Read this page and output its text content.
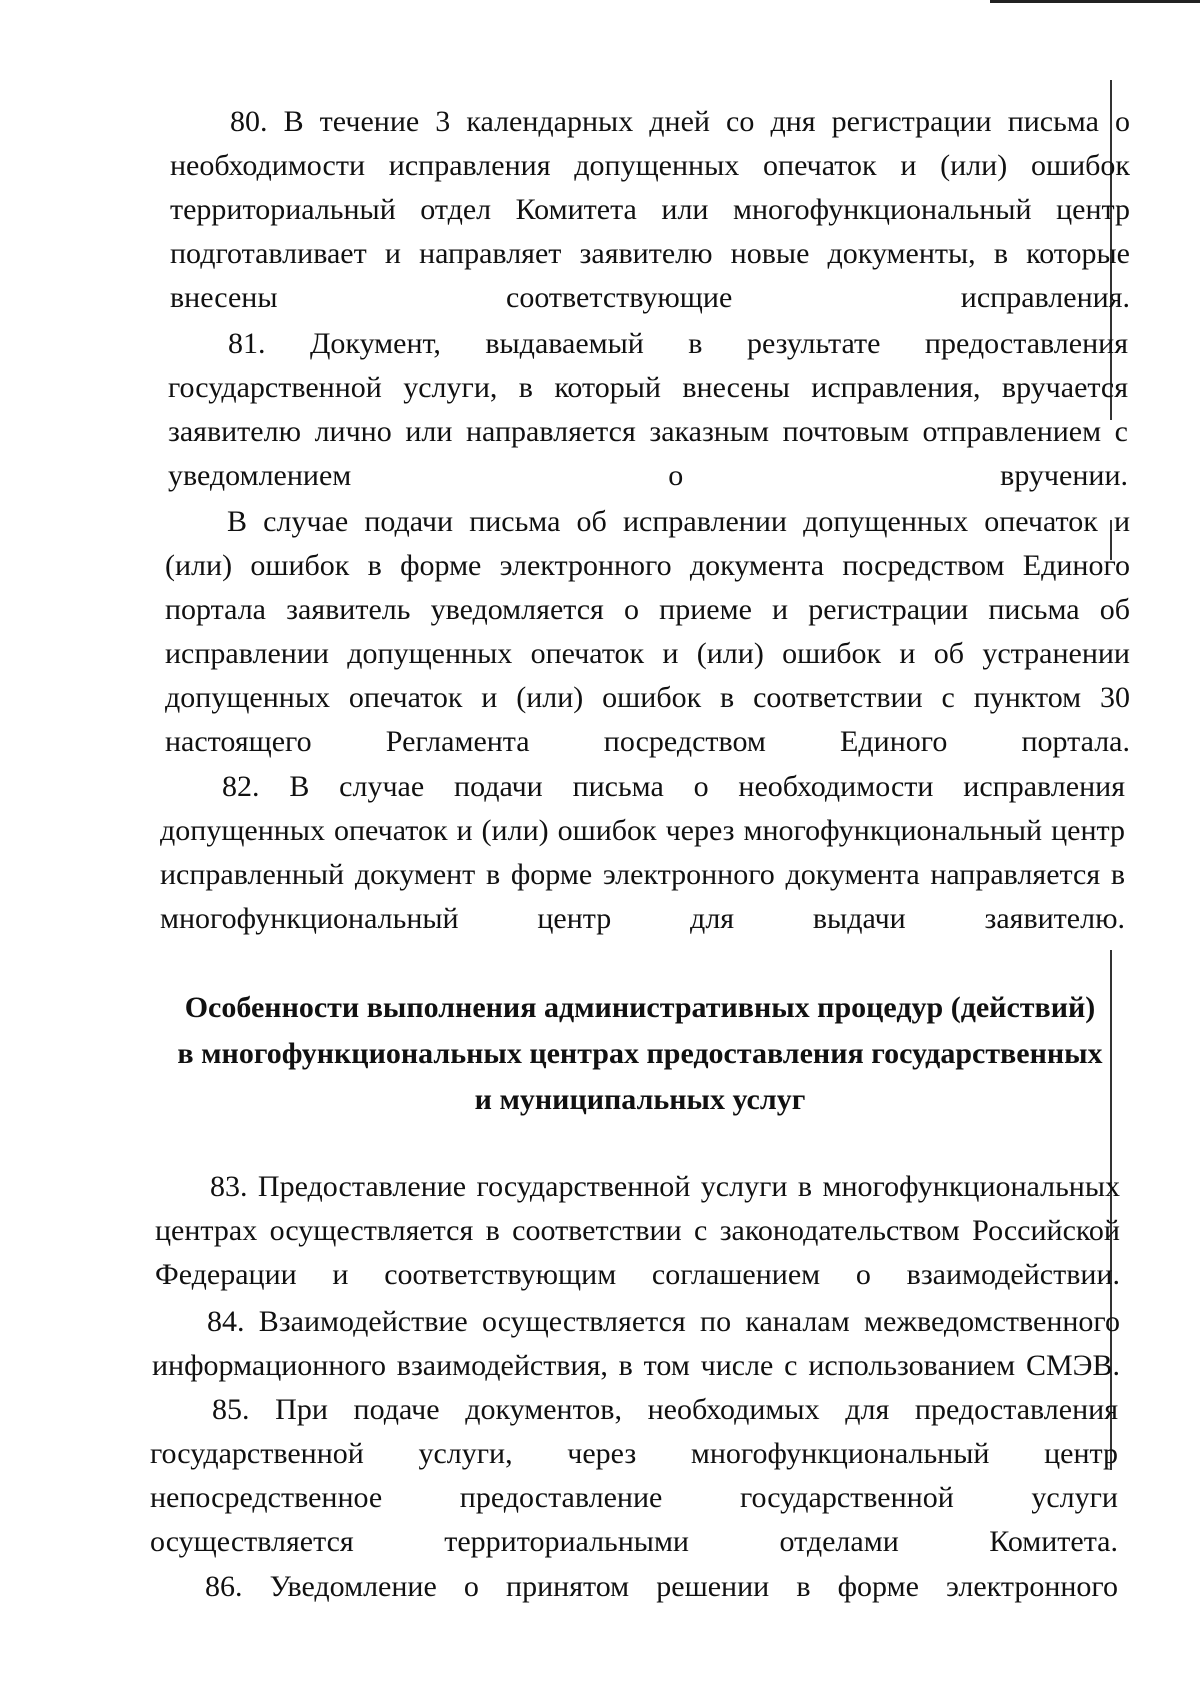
80. В течение 3 календарных дней со дня регистрации письма о необходимости исправления допущенных опечаток и (или) ошибок территориальный отдел Комитета или многофункциональный центр подготавливает и направляет заявителю новые документы, в которые внесены соответствующие исправления.

81. Документ, выдаваемый в результате предоставления государственной услуги, в который внесены исправления, вручается заявителю лично или направляется заказным почтовым отправлением с уведомлением о вручении.

В случае подачи письма об исправлении допущенных опечаток и (или) ошибок в форме электронного документа посредством Единого портала заявитель уведомляется о приеме и регистрации письма об исправлении допущенных опечаток и (или) ошибок и об устранении допущенных опечаток и (или) ошибок в соответствии с пунктом 30 настоящего Регламента посредством Единого портала.

82. В случае подачи письма о необходимости исправления допущенных опечаток и (или) ошибок через многофункциональный центр исправленный документ в форме электронного документа направляется в многофункциональный центр для выдачи заявителю.

Особенности выполнения административных процедур (действий)
в многофункциональных центрах предоставления государственных
и муниципальных услуг

83. Предоставление государственной услуги в многофункциональных центрах осуществляется в соответствии с законодательством Российской Федерации и соответствующим соглашением о взаимодействии.

84. Взаимодействие осуществляется по каналам межведомственного информационного взаимодействия, в том числе с использованием СМЭВ.

85. При подаче документов, необходимых для предоставления государственной услуги, через многофункциональный центр непосредственное предоставление государственной услуги осуществляется территориальными отделами Комитета.

86. Уведомление о принятом решении в форме электронного
